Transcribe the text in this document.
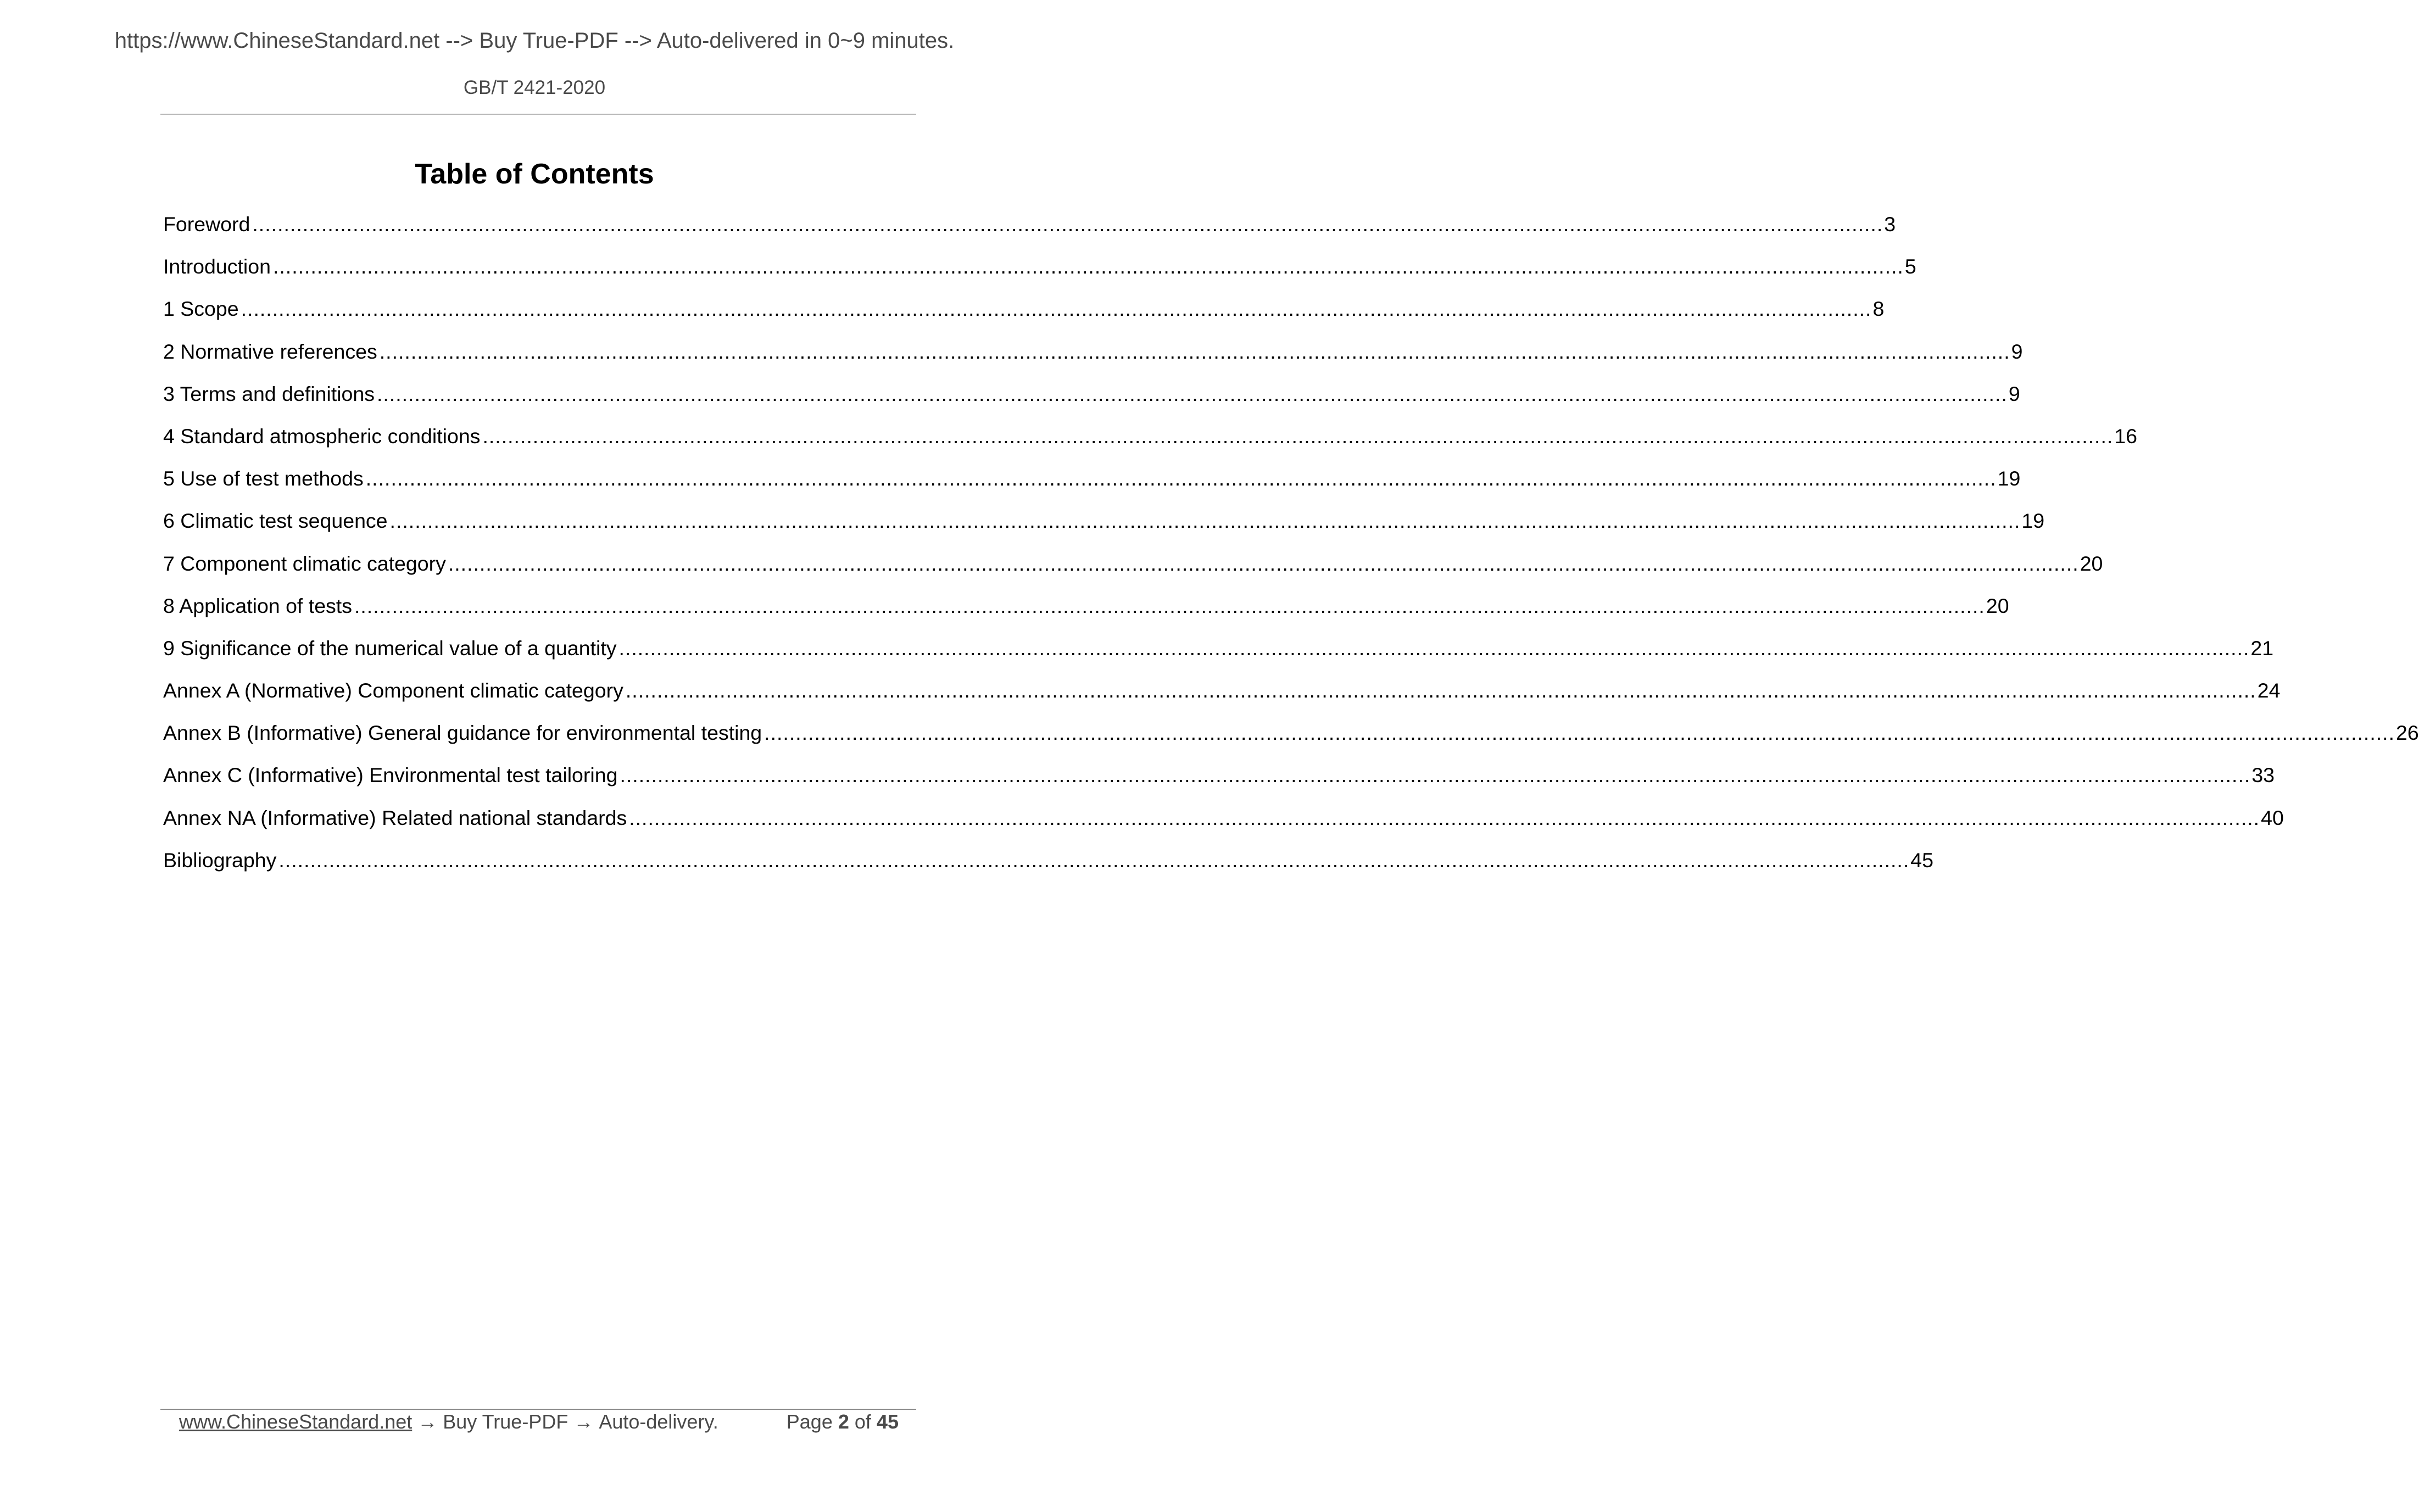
https://www.ChineseStandard.net --> Buy True-PDF --> Auto-delivered in 0~9 minutes.
GB/T 2421-2020
Table of Contents
Foreword .................................................................................................................................................................................................................................................................... 3
Introduction .................................................................................................................................................................................................................................................................... 5
1 Scope .................................................................................................................................................................................................................................................................... 8
2 Normative references .................................................................................................................................................................................................................................................................... 9
3 Terms and definitions .................................................................................................................................................................................................................................................................... 9
4 Standard atmospheric conditions .................................................................................................................................................................................................................................................................... 16
5 Use of test methods .................................................................................................................................................................................................................................................................... 19
6 Climatic test sequence .................................................................................................................................................................................................................................................................... 19
7 Component climatic category .................................................................................................................................................................................................................................................................... 20
8 Application of tests .................................................................................................................................................................................................................................................................... 20
9 Significance of the numerical value of a quantity .................................................................................................................................................................................................................................................................... 21
Annex A (Normative) Component climatic category .................................................................................................................................................................................................................................................................... 24
Annex B (Informative) General guidance for environmental testing .................................................................................................................................................................................................................................................................... 26
Annex C (Informative) Environmental test tailoring .................................................................................................................................................................................................................................................................... 33
Annex NA (Informative) Related national standards .................................................................................................................................................................................................................................................................... 40
Bibliography .................................................................................................................................................................................................................................................................... 45
www.ChineseStandard.net → Buy True-PDF → Auto-delivery.	Page 2 of 45
